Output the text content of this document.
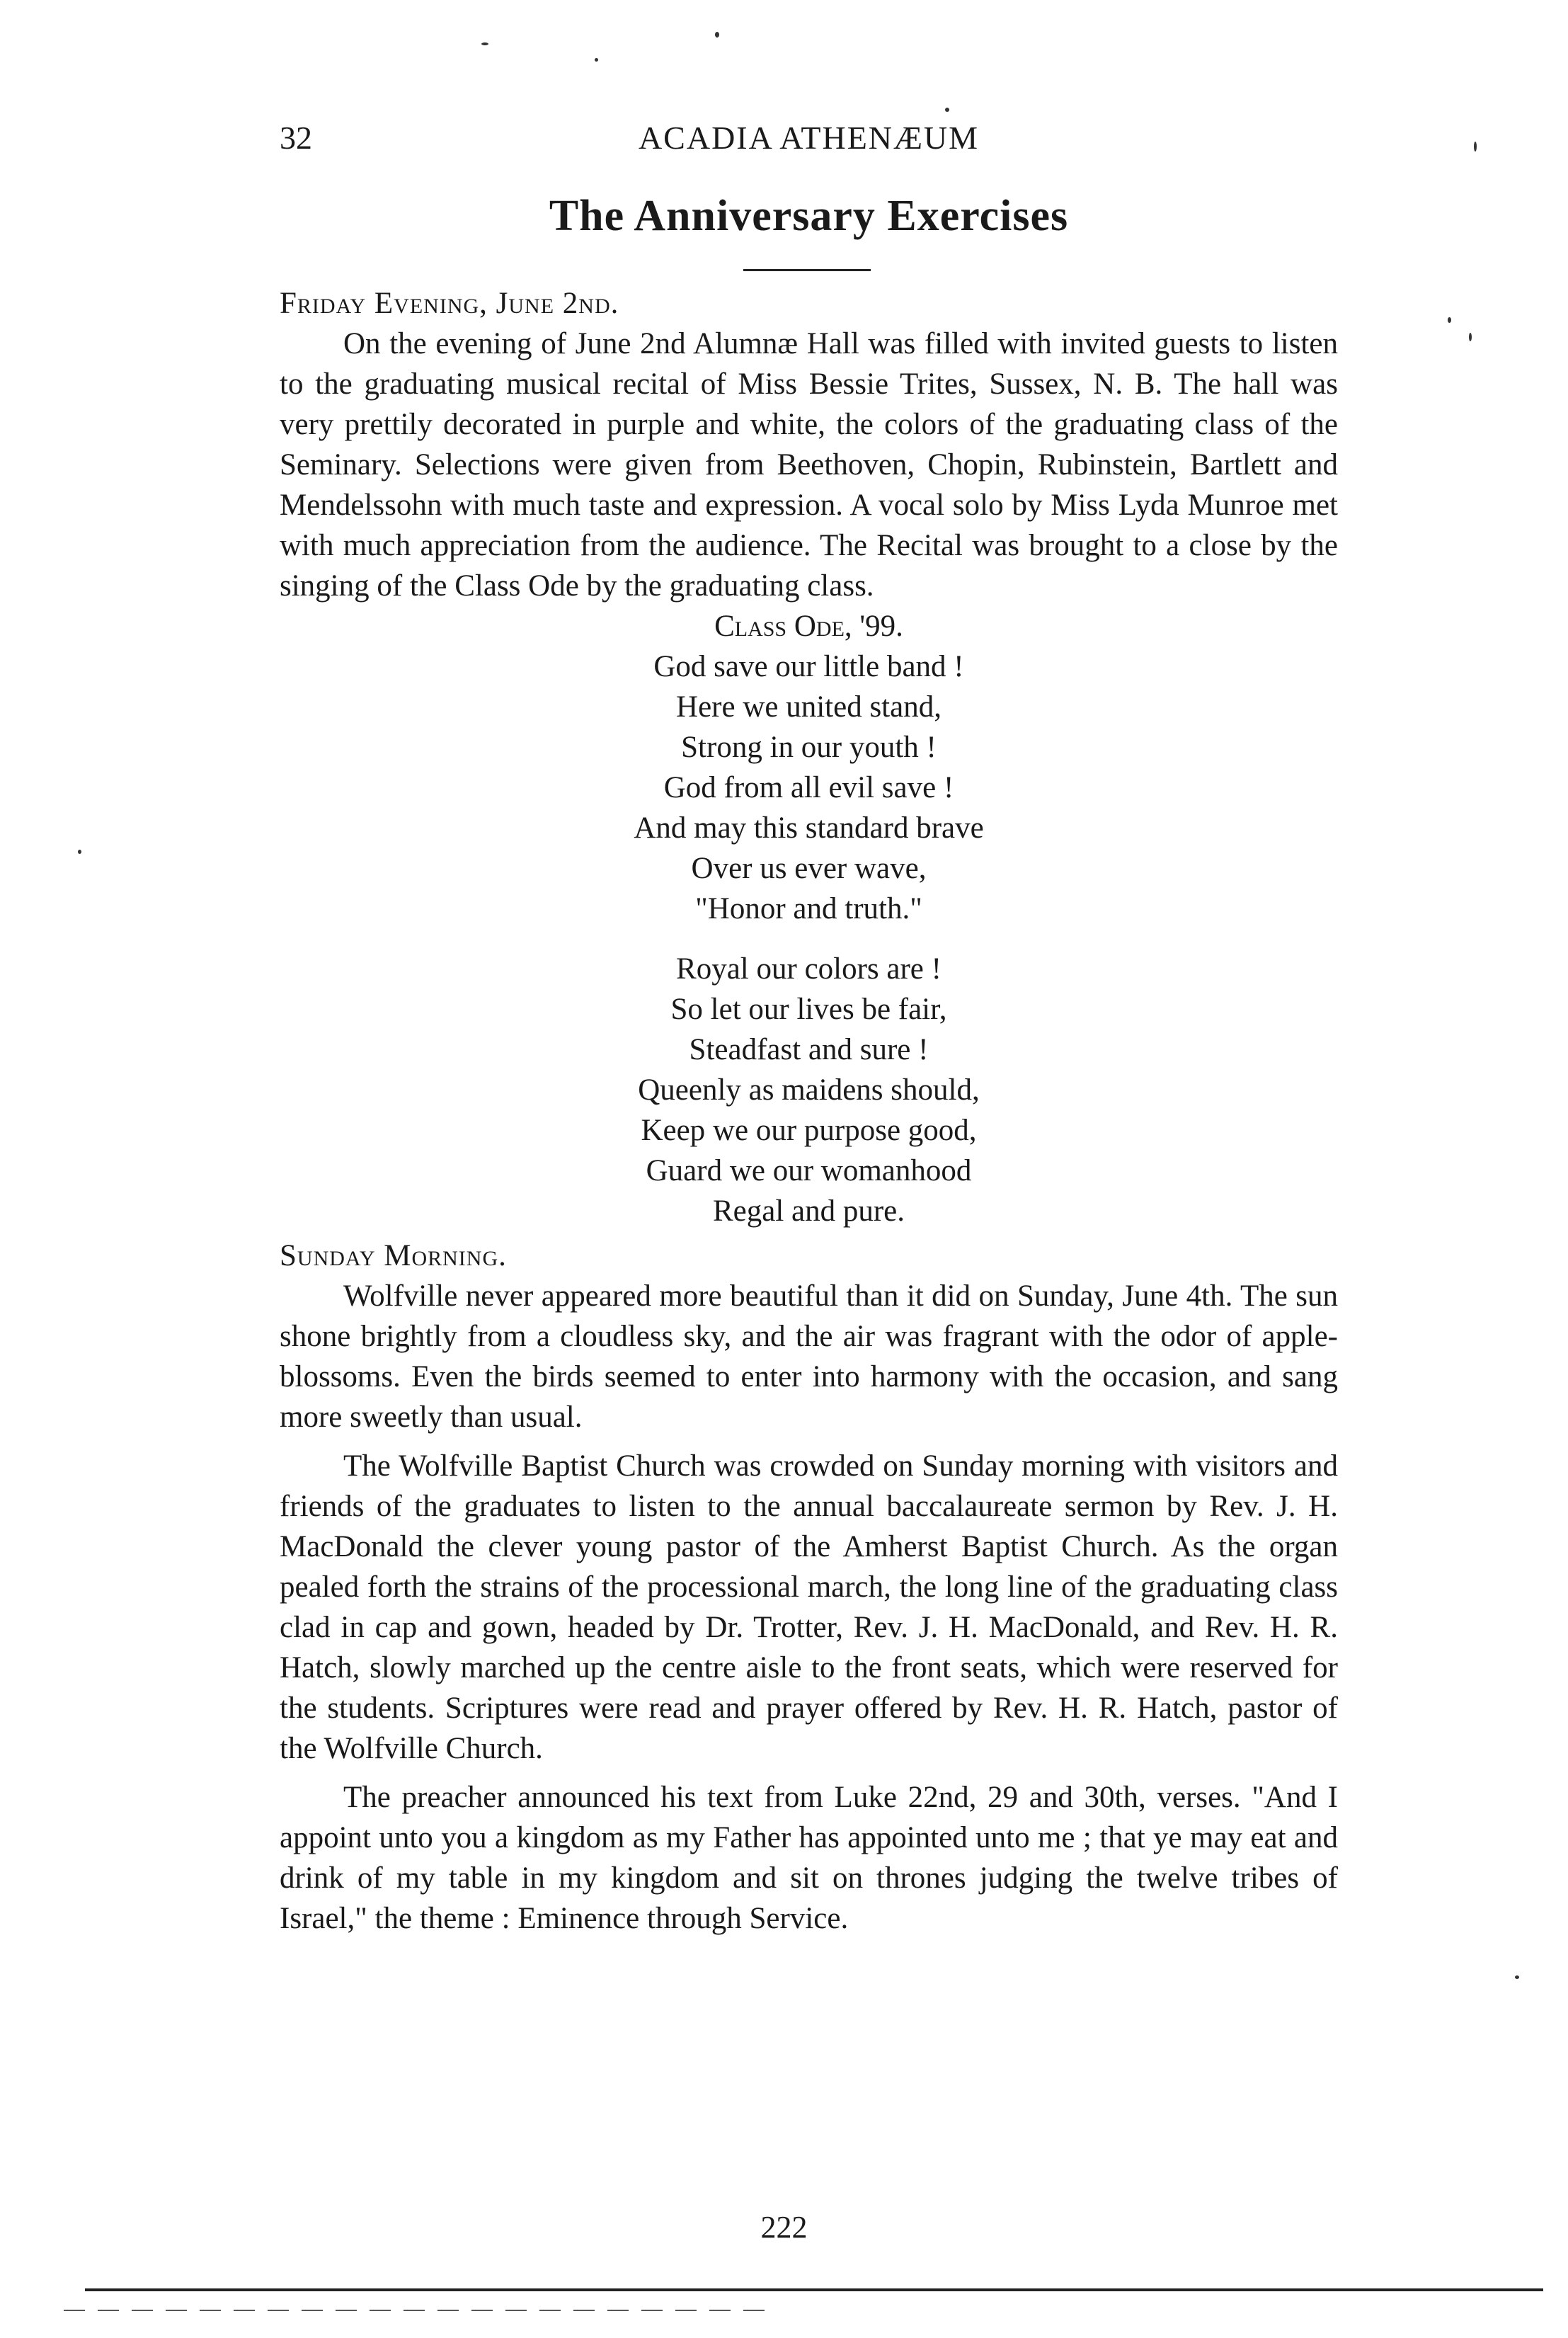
32	ACADIA ATHENÆUM
The Anniversary Exercises

Friday Evening, June 2nd.

On the evening of June 2nd Alumnæ Hall was filled with invited guests to listen to the graduating musical recital of Miss Bessie Trites, Sussex, N. B. The hall was very prettily decorated in purple and white, the colors of the graduating class of the Seminary. Selections were given from Beethoven, Chopin, Rubinstein, Bartlett and Mendelssohn with much taste and expression. A vocal solo by Miss Lyda Munroe met with much appreciation from the audience. The Recital was brought to a close by the singing of the Class Ode by the graduating class.

Class Ode, '99.

God save our little band !
Here we united stand,
Strong in our youth !
God from all evil save !
And may this standard brave
Over us ever wave,
"Honor and truth."
Royal our colors are !
So let our lives be fair,
Steadfast and sure !
Queenly as maidens should,
Keep we our purpose good,
Guard we our womanhood
Regal and pure.

Sunday Morning.

Wolfville never appeared more beautiful than it did on Sunday, June 4th. The sun shone brightly from a cloudless sky, and the air was fragrant with the odor of apple-blossoms. Even the birds seemed to enter into harmony with the occasion, and sang more sweetly than usual.

The Wolfville Baptist Church was crowded on Sunday morning with visitors and friends of the graduates to listen to the annual baccalaureate sermon by Rev. J. H. MacDonald the clever young pastor of the Amherst Baptist Church. As the organ pealed forth the strains of the processional march, the long line of the graduating class clad in cap and gown, headed by Dr. Trotter, Rev. J. H. MacDonald, and Rev. H. R. Hatch, slowly marched up the centre aisle to the front seats, which were reserved for the students. Scriptures were read and prayer offered by Rev. H. R. Hatch, pastor of the Wolfville Church.

The preacher announced his text from Luke 22nd, 29 and 30th, verses. "And I appoint unto you a kingdom as my Father has appointed unto me ; that ye may eat and drink of my table in my kingdom and sit on thrones judging the twelve tribes of Israel," the theme : Eminence through Service.

222
